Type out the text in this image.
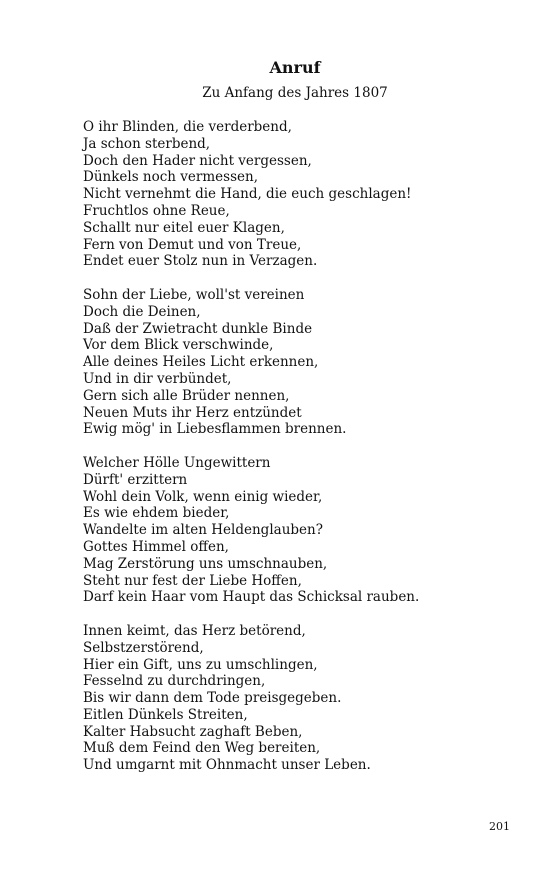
Anruf
Zu Anfang des Jahres 1807
O ihr Blinden, die verderbend,
Ja schon sterbend,
Doch den Hader nicht vergessen,
Dünkels noch vermessen,
Nicht vernehmt die Hand, die euch geschlagen!
Fruchtlos ohne Reue,
Schallt nur eitel euer Klagen,
Fern von Demut und von Treue,
Endet euer Stolz nun in Verzagen.
Sohn der Liebe, woll'st vereinen
Doch die Deinen,
Daß der Zwietracht dunkle Binde
Vor dem Blick verschwinde,
Alle deines Heiles Licht erkennen,
Und in dir verbündet,
Gern sich alle Brüder nennen,
Neuen Muts ihr Herz entzündet
Ewig mög' in Liebesflammen brennen.
Welcher Hölle Ungewittern
Dürft' erzittern
Wohl dein Volk, wenn einig wieder,
Es wie ehdem bieder,
Wandelte im alten Heldenglauben?
Gottes Himmel offen,
Mag Zerstörung uns umschnauben,
Steht nur fest der Liebe Hoffen,
Darf kein Haar vom Haupt das Schicksal rauben.
Innen keimt, das Herz betörend,
Selbstzerstörend,
Hier ein Gift, uns zu umschlingen,
Fesselnd zu durchdringen,
Bis wir dann dem Tode preisgegeben.
Eitlen Dünkels Streiten,
Kalter Habsucht zaghaft Beben,
Muß dem Feind den Weg bereiten,
Und umgarnt mit Ohnmacht unser Leben.
201
